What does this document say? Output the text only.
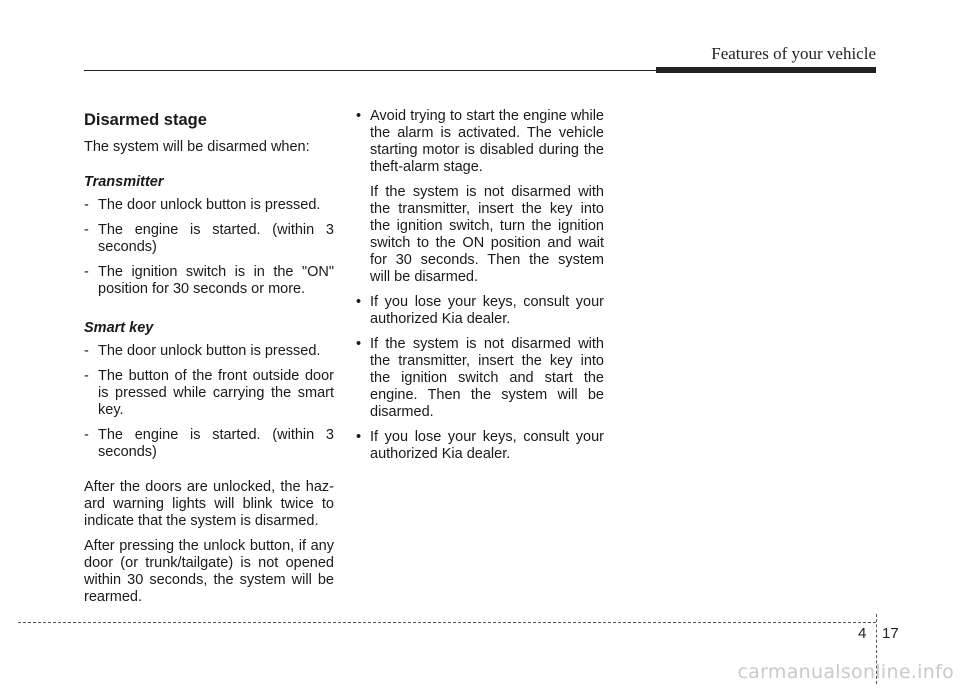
Features of your vehicle
Disarmed stage
The system will be disarmed when:
Transmitter
- The door unlock button is pressed.
- The engine is started. (within 3 seconds)
- The ignition switch is in the "ON" position for 30 seconds or more.
Smart key
- The door unlock button is pressed.
- The button of the front outside door is pressed while carrying the smart key.
- The engine is started. (within 3 seconds)
After the doors are unlocked, the haz-ard warning lights will blink twice to indicate that the system is disarmed.
After pressing the unlock button, if any door (or trunk/tailgate) is not opened within 30 seconds, the system will be rearmed.
• Avoid trying to start the engine while the alarm is activated. The vehicle starting motor is disabled during the theft-alarm stage.
If the system is not disarmed with the transmitter, insert the key into the ignition switch, turn the ignition switch to the ON position and wait for 30 seconds. Then the system will be disarmed.
• If you lose your keys, consult your authorized Kia dealer.
• If the system is not disarmed with the transmitter, insert the key into the ignition switch and start the engine. Then the system will be disarmed.
• If you lose your keys, consult your authorized Kia dealer.
4 17
carmanualsonline.info
